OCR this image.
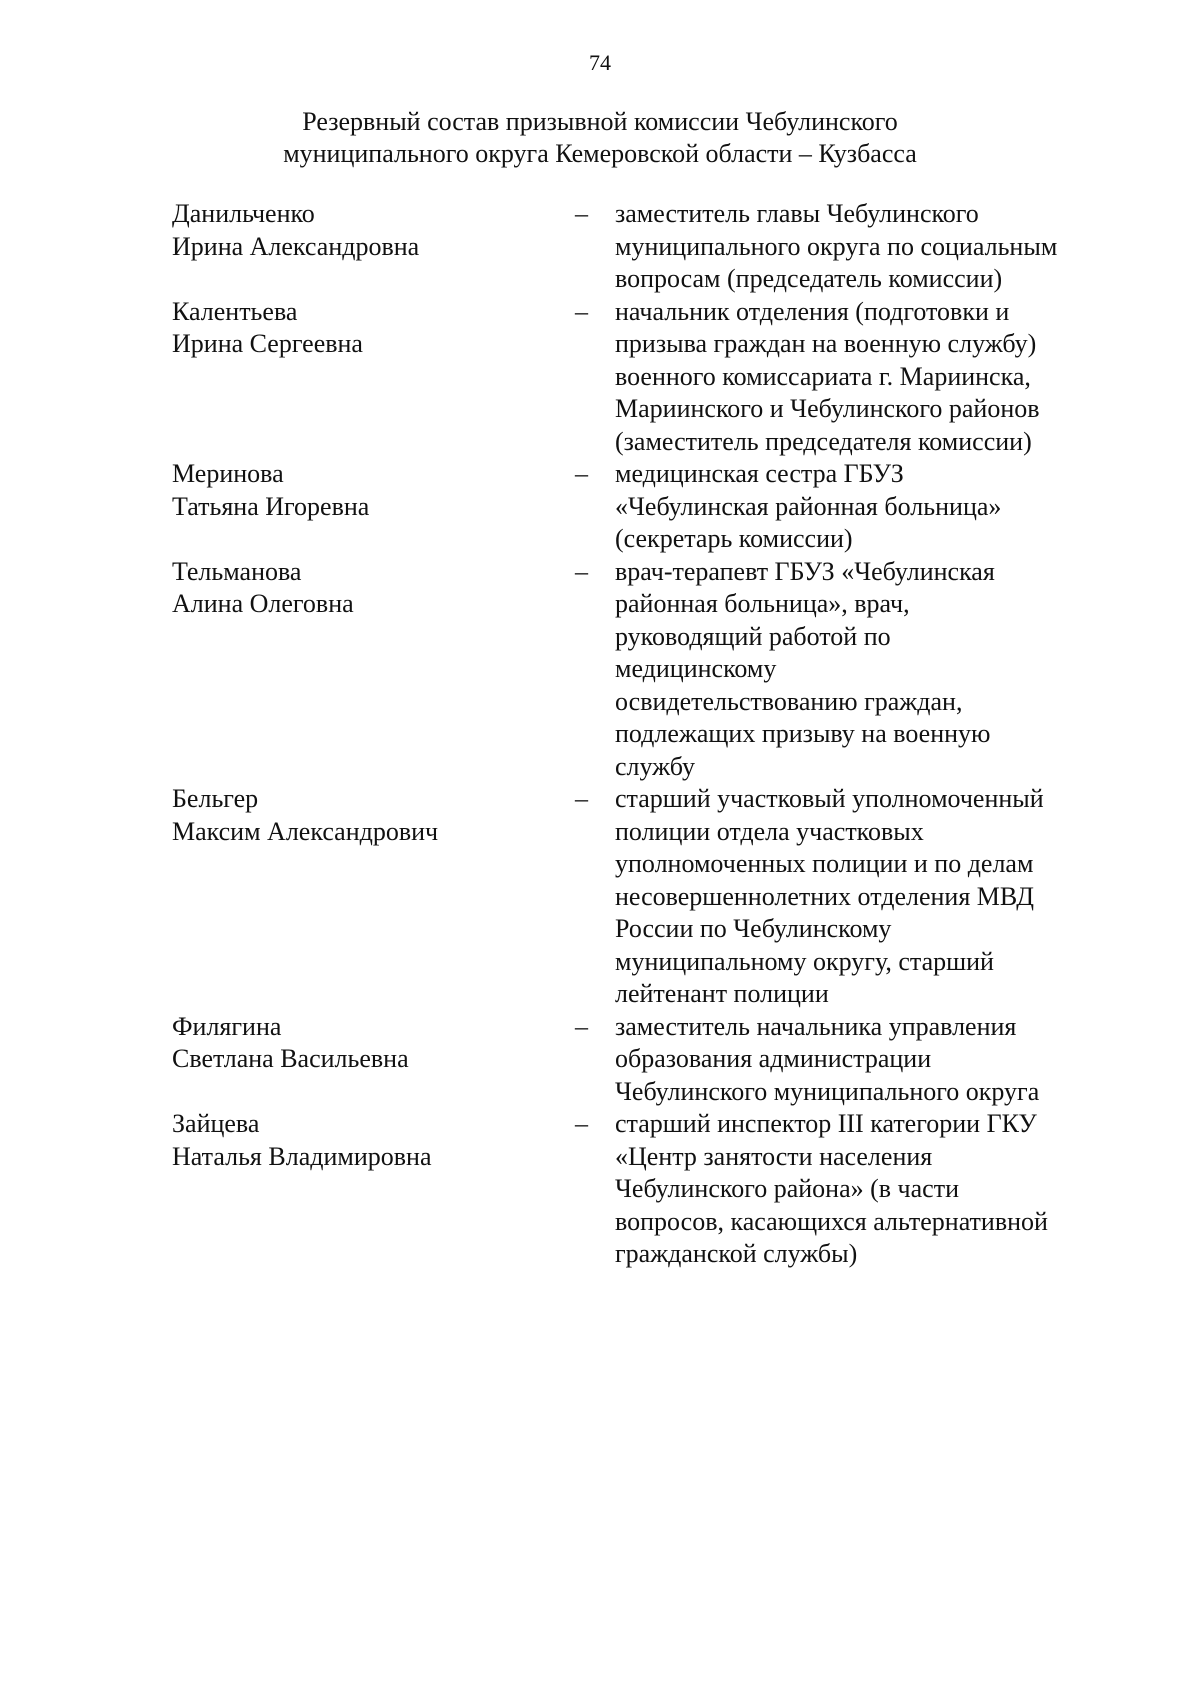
74
Резервный состав призывной комиссии Чебулинского
муниципального округа Кемеровской области – Кузбасса
Данильченко
Ирина Александровна
– заместитель главы Чебулинского
муниципального округа по социальным
вопросам (председатель комиссии)
Калентьева
Ирина Сергеевна
– начальник отделения (подготовки и
призыва граждан на военную службу)
военного комиссариата г. Мариинска,
Мариинского и Чебулинского районов
(заместитель председателя комиссии)
Меринова
Татьяна Игоревна
– медицинская сестра ГБУЗ
«Чебулинская районная больница»
(секретарь комиссии)
Тельманова
Алина Олеговна
– врач-терапевт ГБУЗ «Чебулинская
районная больница», врач,
руководящий работой по
медицинскому
освидетельствованию граждан,
подлежащих призыву на военную
службу
Бельгер
Максим Александрович
– старший участковый уполномоченный
полиции отдела участковых
уполномоченных полиции и по делам
несовершеннолетних отделения МВД
России по Чебулинскому
муниципальному округу, старший
лейтенант полиции
Филягина
Светлана Васильевна
– заместитель начальника управления
образования администрации
Чебулинского муниципального округа
Зайцева
Наталья Владимировна
– старший инспектор III категории ГКУ
«Центр занятости населения
Чебулинского района» (в части
вопросов, касающихся альтернативной
гражданской службы)
